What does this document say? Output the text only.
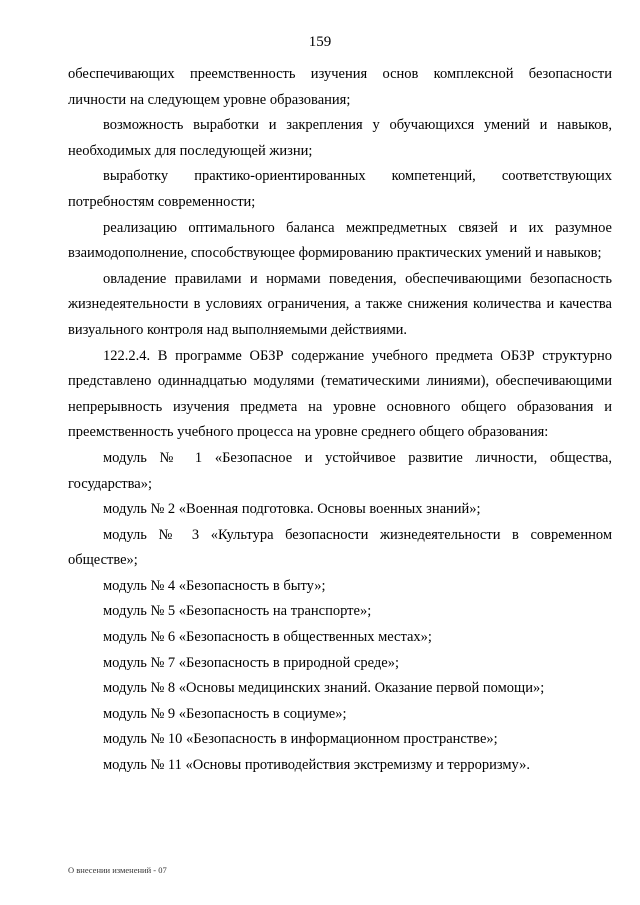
159

обеспечивающих преемственность изучения основ комплексной безопасности личности на следующем уровне образования;

возможность выработки и закрепления у обучающихся умений и навыков, необходимых для последующей жизни;

выработку практико-ориентированных компетенций, соответствующих потребностям современности;

реализацию оптимального баланса межпредметных связей и их разумное взаимодополнение, способствующее формированию практических умений и навыков;

овладение правилами и нормами поведения, обеспечивающими безопасность жизнедеятельности в условиях ограничения, а также снижения количества и качества визуального контроля над выполняемыми действиями.

122.2.4. В программе ОБЗР содержание учебного предмета ОБЗР структурно представлено одиннадцатью модулями (тематическими линиями), обеспечивающими непрерывность изучения предмета на уровне основного общего образования и преемственность учебного процесса на уровне среднего общего образования:

модуль № 1 «Безопасное и устойчивое развитие личности, общества, государства»;

модуль № 2 «Военная подготовка. Основы военных знаний»;

модуль № 3 «Культура безопасности жизнедеятельности в современном обществе»;

модуль № 4 «Безопасность в быту»;

модуль № 5 «Безопасность на транспорте»;

модуль № 6 «Безопасность в общественных местах»;

модуль № 7 «Безопасность в природной среде»;

модуль № 8 «Основы медицинских знаний. Оказание первой помощи»;

модуль № 9 «Безопасность в социуме»;

модуль № 10 «Безопасность в информационном пространстве»;

модуль № 11 «Основы противодействия экстремизму и терроризму».

О внесении изменений - 07
